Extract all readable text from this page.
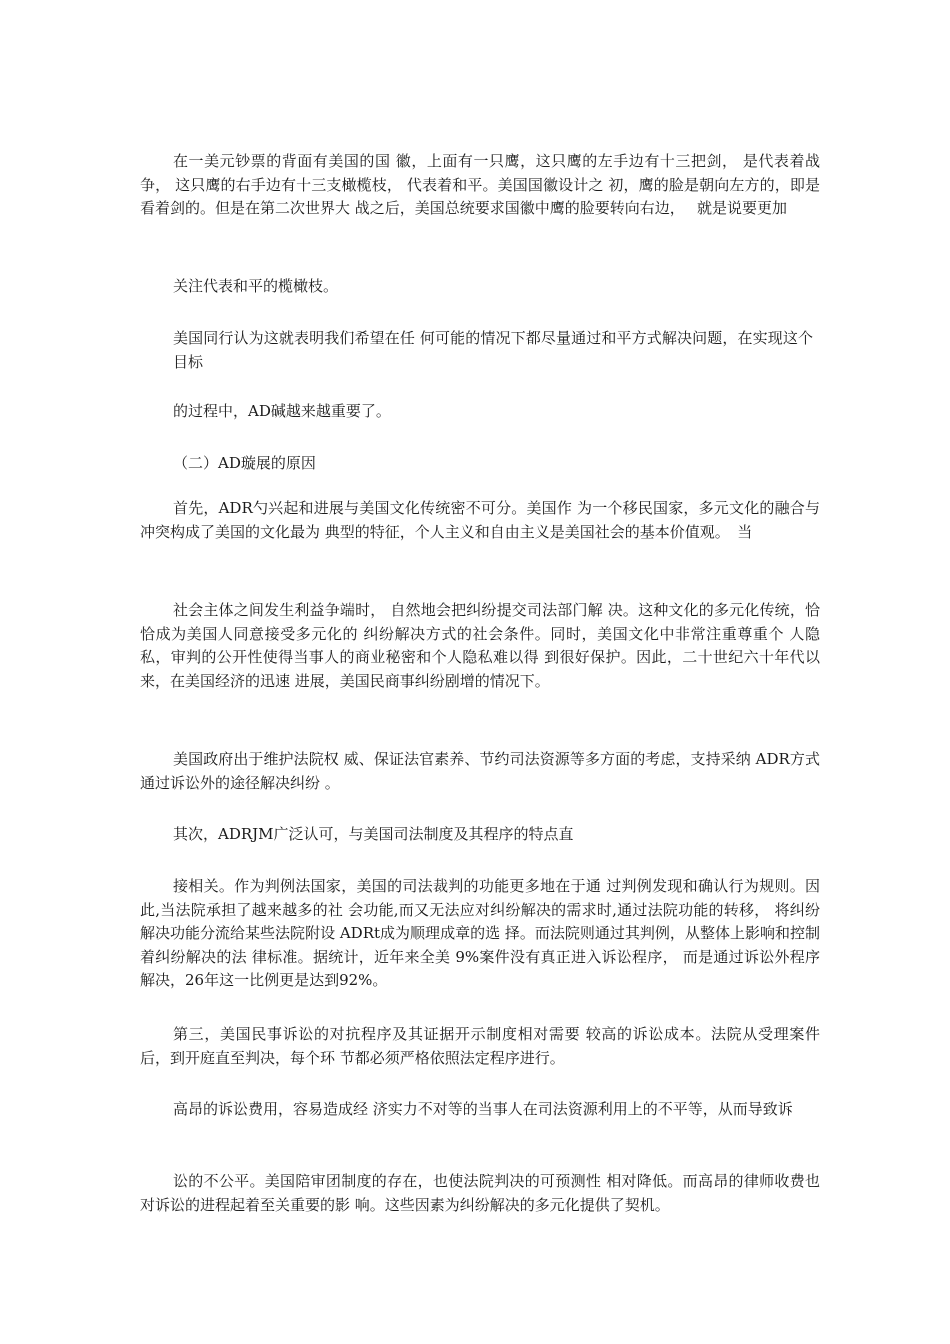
在一美元钞票的背面有美国的国 徽，上面有一只鹰，这只鹰的左手边有十三把剑， 是代表着战争， 这只鹰的右手边有十三支橄榄枝， 代表着和平。美国国徽设计之 初，鹰的脸是朝向左方的，即是看着剑的。但是在第二次世界大 战之后，美国总统要求国徽中鹰的脸要转向右边，　 就是说要更加

关注代表和平的榄橄枝。

美国同行认为这就表明我们希望在任 何可能的情况下都尽量通过和平方式解决问题，在实现这个目标

的过程中，AD碱越来越重要了。

（二）AD璇展的原因

首先，ADR勺兴起和进展与美国文化传统密不可分。美国作 为一个移民国家，多元文化的融合与冲突构成了美国的文化最为 典型的特征，个人主义和自由主义是美国社会的基本价值观。　当

社会主体之间发生利益争端时， 自然地会把纠纷提交司法部门解 决。这种文化的多元化传统，恰恰成为美国人同意接受多元化的 纠纷解决方式的社会条件。同时，美国文化中非常注重尊重个 人隐私，审判的公开性使得当事人的商业秘密和个人隐私难以得 到很好保护。因此，二十世纪六十年代以来，在美国经济的迅速 进展，美国民商事纠纷剧增的情况下。

美国政府出于维护法院权 威、保证法官素养、节约司法资源等多方面的考虑，支持采纳 ADR方式通过诉讼外的途径解决纠纷 。

其次，ADRJM广泛认可，与美国司法制度及其程序的特点直

接相关。作为判例法国家，美国的司法裁判的功能更多地在于通 过判例发现和确认行为规则。因此,当法院承担了越来越多的社 会功能,而又无法应对纠纷解决的需求时,通过法院功能的转移， 将纠纷解决功能分流给某些法院附设 ADRt成为顺理成章的选 择。而法院则通过其判例，从整体上影响和控制着纠纷解决的法 律标准。据统计，近年来全美 9%案件没有真正进入诉讼程序， 而是通过诉讼外程序解决，26年这一比例更是达到92%。

第三，美国民事诉讼的对抗程序及其证据开示制度相对需要 较高的诉讼成本。法院从受理案件后，到开庭直至判决，每个环 节都必须严格依照法定程序进行。

高昂的诉讼费用，容易造成经 济实力不对等的当事人在司法资源利用上的不平等，从而导致诉

讼的不公平。美国陪审团制度的存在，也使法院判决的可预测性 相对降低。而高昂的律师收费也对诉讼的进程起着至关重要的影 响。这些因素为纠纷解决的多元化提供了契机。
